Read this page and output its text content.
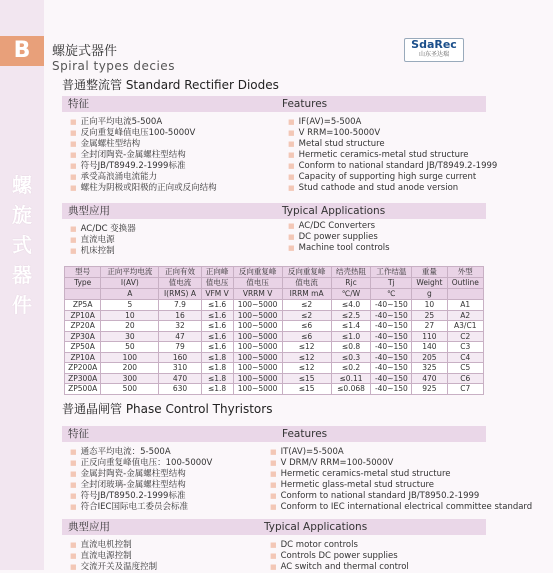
B
螺
旋
式
器
件
螺旋式器件
Spiral types decies
SdaRec
山东圣达瑞
普通整流管 Standard Rectifier Diodes
特征	Features
■ 正向平均电流5-500A
■ 反向重复峰值电压100-5000V
■ 金属螺柱型结构
■ 全封闭陶瓷-金属螺柱型结构
■ 符号JB/T8949.2-1999标准
■ 承受高浪涌电流能力
■ 螺柱为阴极或阳极的正向或反向结构
■ IF(AV)=5-500A
■ V RRM=100-5000V
■ Metal stud structure
■ Hermetic ceramics-metal stud structure
■ Conform to national standard JB/T8949.2-1999
■ Capacity of supporting high surge current
■ Stud cathode and stud anode version
典型应用	Typical Applications
■ AC/DC 变换器
■ 直流电源
■ 机床控制
■ AC/DC Converters
■ DC power supplies
■ Machine tool controls
型号	正向平均电流	正向有效	正向峰	反向重复峰	反向重复峰	结壳热阻	工作结温	重量	外型
Type	I(AV)	值电流	值电压	值电压	值电流	Rjc	Tj	Weight	Outline
	A	I(RMS) A	VFM V	VRRM V	IRRM mA	℃/W	℃	g	
ZP5A	5	7.9	≤1.6	100~5000	≤2	≤4.0	-40~150	10	A1
ZP10A	10	16	≤1.6	100~5000	≤2	≤2.5	-40~150	25	A2
ZP20A	20	32	≤1.6	100~5000	≤6	≤1.4	-40~150	27	A3/C1
ZP30A	30	47	≤1.6	100~5000	≤6	≤1.0	-40~150	110	C2
ZP50A	50	79	≤1.6	100~5000	≤12	≤0.8	-40~150	140	C3
ZP10A	100	160	≤1.8	100~5000	≤12	≤0.3	-40~150	205	C4
ZP200A	200	310	≤1.8	100~5000	≤12	≤0.2	-40~150	325	C5
ZP300A	300	470	≤1.8	100~5000	≤15	≤0.11	-40~150	470	C6
ZP500A	500	630	≤1.8	100~5000	≤15	≤0.068	-40~150	925	C7
普通晶闸管 Phase Control Thyristors
特征	Features
■ 通态平均电流：5-500A
■ 正反向重复峰值电压：100-5000V
■ 金属封陶瓷-金属螺柱型结构
■ 全封闭玻璃-金属螺柱型结构
■ 符号JB/T8950.2-1999标准
■ 符合IEC国际电工委员会标准
■ IT(AV)=5-500A
■ V DRM/V RRM=100-5000V
■ Hermetic ceramics-metal stud structure
■ Hermetic glass-metal stud structure
■ Conform to national standard JB/T8950.2-1999
■ Conform to IEC international electrical committee standard
典型应用	Typical Applications
■ 直流电机控制
■ 直流电源控制
■ 交流开关及温度控制
■ DC motor controls
■ Controls DC power supplies
■ AC switch and thermal control
